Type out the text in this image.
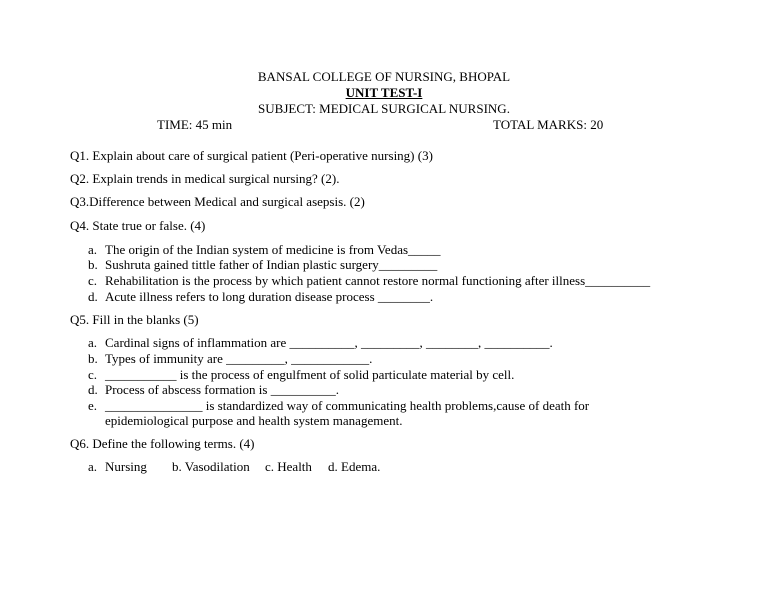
BANSAL COLLEGE OF NURSING, BHOPAL
UNIT TEST-I
SUBJECT: MEDICAL SURGICAL NURSING.
TIME: 45 min	TOTAL MARKS: 20
Q1. Explain about care of surgical patient (Peri-operative nursing) (3)
Q2. Explain trends in medical surgical nursing? (2).
Q3.Difference between Medical and surgical asepsis. (2)
Q4. State true or false. (4)
a. The origin of the Indian system of medicine is from Vedas_____
b. Sushruta gained tittle father of Indian plastic surgery_________
c. Rehabilitation is the process by which patient cannot restore normal functioning after illness__________
d. Acute illness refers to long duration disease process ________.
Q5. Fill in the blanks (5)
a. Cardinal signs of inflammation are __________, _________, ________, __________.
b. Types of immunity are _________, ____________.
c. ___________ is the process of engulfment of solid particulate material by cell.
d. Process of abscess formation is __________.
e. _______________ is standardized way of communicating health problems,cause of death for
epidemiological purpose and health system management.
Q6. Define the following terms. (4)
a. Nursing b. Vasodilation c. Health d. Edema.
